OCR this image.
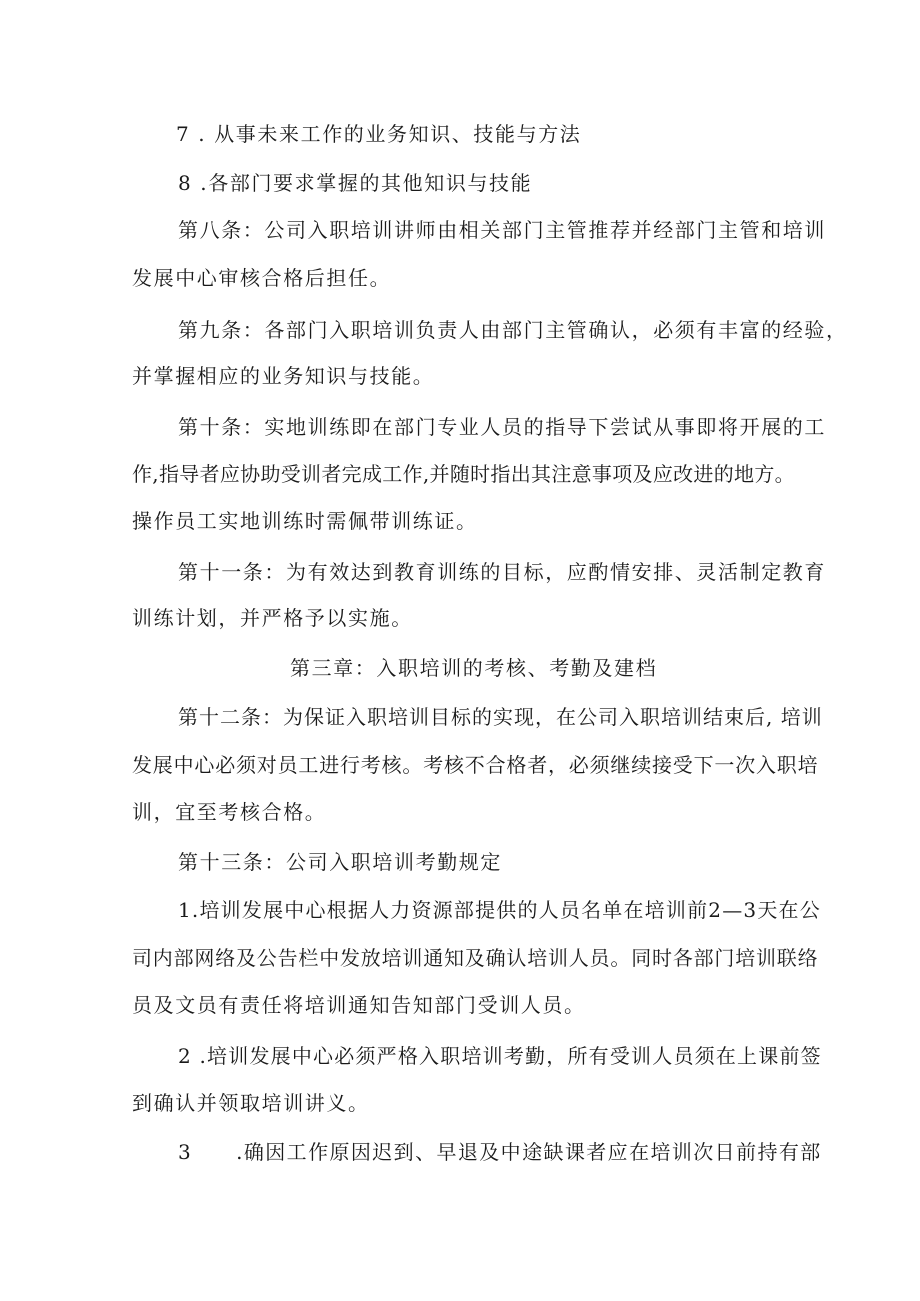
7 . 从事未来工作的业务知识、技能与方法
8 .各部门要求掌握的其他知识与技能
第八条：公司入职培训讲师由相关部门主管推荐并经部门主管和培训
发展中心审核合格后担任。
第九条：各部门入职培训负责人由部门主管确认，必须有丰富的经验，
并掌握相应的业务知识与技能。
第十条：实地训练即在部门专业人员的指导下尝试从事即将开展的工
作,指导者应协助受训者完成工作,并随时指出其注意事项及应改进的地方。
操作员工实地训练时需佩带训练证。
第十一条：为有效达到教育训练的目标，应酌情安排、灵活制定教育
训练计划，并严格予以实施。
第三章：入职培训的考核、考勤及建档
第十二条：为保证入职培训目标的实现，在公司入职培训结束后, 培训
发展中心必须对员工进行考核。考核不合格者，必须继续接受下一次入职培
训，宜至考核合格。
第十三条：公司入职培训考勤规定
1.培训发展中心根据人力资源部提供的人员名单在培训前2—3天在公
司内部网络及公告栏中发放培训通知及确认培训人员。同时各部门培训联络
员及文员有责任将培训通知告知部门受训人员。
2 .培训发展中心必须严格入职培训考勤，所有受训人员须在上课前签
到确认并领取培训讲义。
3 .确因工作原因迟到、早退及中途缺课者应在培训次日前持有部
